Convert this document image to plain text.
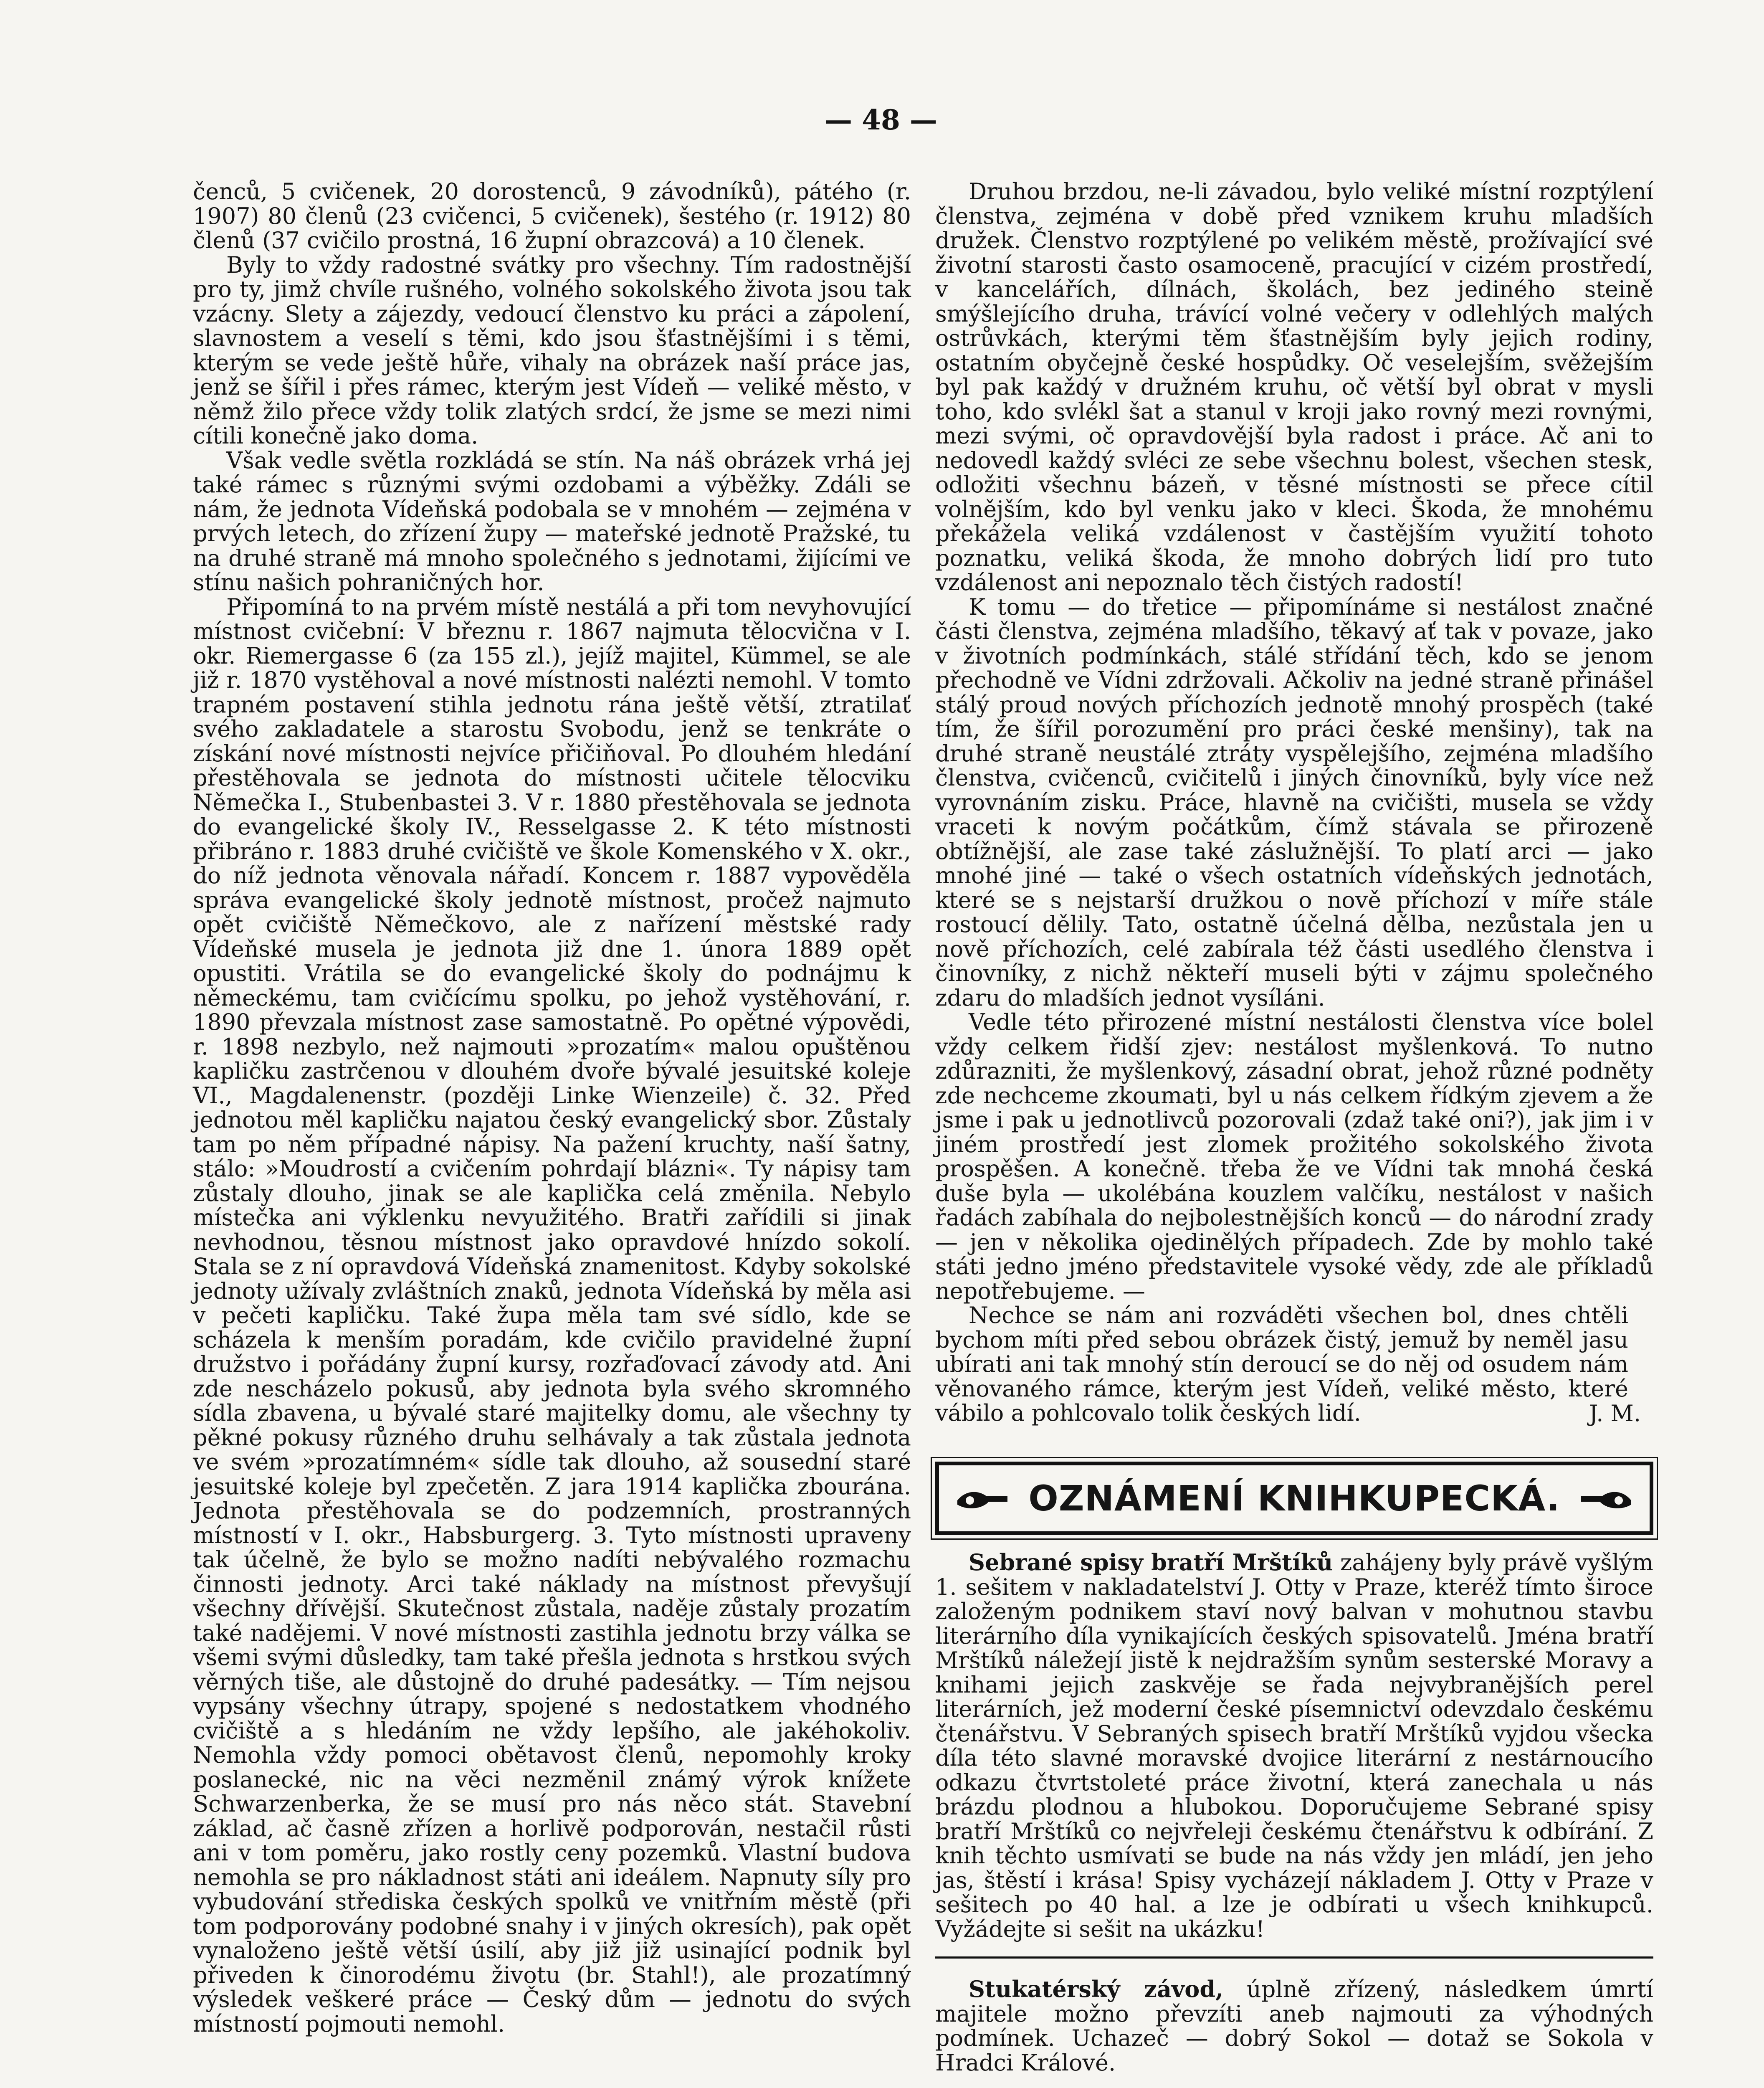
— 48 —

čenců, 5 cvičenek, 20 dorostenců, 9 závodníků), pátého (r. 1907) 80 členů (23 cvičenci, 5 cvičenek), šestého (r. 1912) 80 členů (37 cvičilo prostná, 16 župní obrazcová) a 10 členek.

Byly to vždy radostné svátky pro všechny. Tím radostnější pro ty, jimž chvíle rušného, volného sokolského života jsou tak vzácny. Slety a zájezdy, vedoucí členstvo ku práci a zápolení, slavnostem a veselí s těmi, kdo jsou šťastnějšími i s těmi, kterým se vede ještě hůře, vihaly na obrázek naší práce jas, jenž se šířil i přes rámec, kterým jest Vídeň — veliké město, v němž žilo přece vždy tolik zlatých srdcí, že jsme se mezi nimi cítili konečně jako doma.

Však vedle světla rozkládá se stín. Na náš obrázek vrhá jej také rámec s různými svými ozdobami a výběžky. Zdáli se nám, že jednota Vídeňská podobala se v mnohém — zejména v prvých letech, do zřízení župy — mateřské jednotě Pražské, tu na druhé straně má mnoho společného s jednotami, žijícími ve stínu našich pohraničných hor.

Připomíná to na prvém místě nestálá a při tom nevyhovující místnost cvičební: V březnu r. 1867 najmuta tělocvična v I. okr. Riemergasse 6 (za 155 zl.), jejíž majitel, Kümmel, se ale již r. 1870 vystěhoval a nové místnosti nalézti nemohl. V tomto trapném postavení stihla jednotu rána ještě větší, ztratilať svého zakladatele a starostu Svobodu, jenž se tenkráte o získání nové místnosti nejvíce přičiňoval. Po dlouhém hledání přestěhovala se jednota do místnosti učitele tělocviku Němečka I., Stubenbastei 3. V r. 1880 přestěhovala se jednota do evangelické školy IV., Resselgasse 2. K této místnosti přibráno r. 1883 druhé cvičiště ve škole Komenského v X. okr., do níž jednota věnovala nářadí. Koncem r. 1887 vypověděla správa evangelické školy jednotě místnost, pročež najmuto opět cvičiště Němečkovo, ale z nařízení městské rady Vídeňské musela je jednota již dne 1. února 1889 opět opustiti. Vrátila se do evangelické školy do podnájmu k německému, tam cvičícímu spolku, po jehož vystěhování, r. 1890 převzala místnost zase samostatně. Po opětné výpovědi, r. 1898 nezbylo, než najmouti »prozatím« malou opuštěnou kapličku zastrčenou v dlouhém dvoře bývalé jesuitské koleje VI., Magdalenenstr. (později Linke Wienzeile) č. 32. Před jednotou měl kapličku najatou český evangelický sbor. Zůstaly tam po něm případné nápisy. Na pažení kruchty, naší šatny, stálo: »Moudrostí a cvičením pohrdají blázni«. Ty nápisy tam zůstaly dlouho, jinak se ale kaplička celá změnila. Nebylo místečka ani výklenku nevyužitého. Bratři zařídili si jinak nevhodnou, těsnou místnost jako opravdové hnízdo sokolí. Stala se z ní opravdová Vídeňská znamenitost. Kdyby sokolské jednoty užívaly zvláštních znaků, jednota Vídeňská by měla asi v pečeti kapličku. Také župa měla tam své sídlo, kde se scházela k menším poradám, kde cvičilo pravidelné župní družstvo i pořádány župní kursy, rozřaďovací závody atd. Ani zde nescházelo pokusů, aby jednota byla svého skromného sídla zbavena, u bývalé staré majitelky domu, ale všechny ty pěkné pokusy různého druhu selhávaly a tak zůstala jednota ve svém »prozatímném« sídle tak dlouho, až sousední staré jesuitské koleje byl zpečetěn. Z jara 1914 kaplička zbourána. Jednota přestěhovala se do podzemních, prostranných místností v I. okr., Habsburgerg. 3. Tyto místnosti upraveny tak účelně, že bylo se možno nadíti nebývalého rozmachu činnosti jednoty. Arci také náklady na místnost převyšují všechny dřívější. Skutečnost zůstala, naděje zůstaly prozatím také nadějemi. V nové místnosti zastihla jednotu brzy válka se všemi svými důsledky, tam také přešla jednota s hrstkou svých věrných tiše, ale důstojně do druhé padesátky. — Tím nejsou vypsány všechny útrapy, spojené s nedostatkem vhodného cvičiště a s hledáním ne vždy lepšího, ale jakéhokoliv. Nemohla vždy pomoci obětavost členů, nepomohly kroky poslanecké, nic na věci nezměnil známý výrok knížete Schwarzenberka, že se musí pro nás něco stát. Stavební základ, ač časně zřízen a horlivě podporován, nestačil růsti ani v tom poměru, jako rostly ceny pozemků. Vlastní budova nemohla se pro nákladnost státi ani ideálem. Napnuty síly pro vybudování střediska českých spolků ve vnitřním městě (při tom podporovány podobné snahy i v jiných okresích), pak opět vynaloženo ještě větší úsilí, aby již již usinající podnik byl přiveden k činorodému životu (br. Stahl!), ale prozatímný výsledek veškeré práce — Český dům — jednotu do svých místností pojmouti nemohl.

Druhou brzdou, ne-li závadou, bylo veliké místní rozptýlení členstva, zejména v době před vznikem kruhu mladších družek. Členstvo rozptýlené po velikém městě, prožívající své životní starosti často osamoceně, pracující v cizém prostředí, v kancelářích, dílnách, školách, bez jediného steině smýšlejícího druha, trávící volné večery v odlehlých malých ostrůvkách, kterými těm šťastnějším byly jejich rodiny, ostatním obyčejně české hospůdky. Oč veselejším, svěžejším byl pak každý v družném kruhu, oč větší byl obrat v mysli toho, kdo svlékl šat a stanul v kroji jako rovný mezi rovnými, mezi svými, oč opravdovější byla radost i práce. Ač ani to nedovedl každý svléci ze sebe všechnu bolest, všechen stesk, odložiti všechnu bázeň, v těsné místnosti se přece cítil volnějším, kdo byl venku jako v kleci. Škoda, že mnohému překážela veliká vzdálenost v častějším využití tohoto poznatku, veliká škoda, že mnoho dobrých lidí pro tuto vzdálenost ani nepoznalo těch čistých radostí!

K tomu — do třetice — připomínáme si nestálost značné části členstva, zejména mladšího, těkavý ať tak v povaze, jako v životních podmínkách, stálé střídání těch, kdo se jenom přechodně ve Vídni zdržovali. Ačkoliv na jedné straně přinášel stálý proud nových příchozích jednotě mnohý prospěch (také tím, že šířil porozumění pro práci české menšiny), tak na druhé straně neustálé ztráty vyspělejšího, zejména mladšího členstva, cvičenců, cvičitelů i jiných činovníků, byly více než vyrovnáním zisku. Práce, hlavně na cvičišti, musela se vždy vraceti k novým počátkům, čímž stávala se přirozeně obtížnější, ale zase také záslužnější. To platí arci — jako mnohé jiné — také o všech ostatních vídeňských jednotách, které se s nejstarší družkou o nově příchozí v míře stále rostoucí dělily. Tato, ostatně účelná dělba, nezůstala jen u nově příchozích, celé zabírala též části usedlého členstva i činovníky, z nichž někteří museli býti v zájmu společného zdaru do mladších jednot vysíláni.

Vedle této přirozené místní nestálosti členstva více bolel vždy celkem řidší zjev: nestálost myšlenková. To nutno zdůrazniti, že myšlenkový, zásadní obrat, jehož různé podněty zde nechceme zkoumati, byl u nás celkem řídkým zjevem a že jsme i pak u jednotlivců pozorovali (zdaž také oni?), jak jim i v jiném prostředí jest zlomek prožitého sokolského života prospěšen. A konečně. třeba že ve Vídni tak mnohá česká duše byla — ukolébána kouzlem valčíku, nestálost v našich řadách zabíhala do nejbolestnějších konců — do národní zrady — jen v několika ojedinělých případech. Zde by mohlo také státi jedno jméno představitele vysoké vědy, zde ale příkladů nepotřebujeme. —

Nechce se nám ani rozváděti všechen bol, dnes chtěli bychom míti před sebou obrázek čistý, jemuž by neměl jasu ubírati ani tak mnohý stín deroucí se do něj od osudem nám věnovaného rámce, kterým jest Vídeň, veliké město, které vábilo a pohlcovalo tolik českých lidí.	J. M.
OZNÁMENÍ KNIHKUPECKÁ.

Sebrané spisy bratří Mrštíků zahájeny byly právě vyšlým 1. sešitem v nakladatelství J. Otty v Praze, kteréž tímto široce založeným podnikem staví nový balvan v mohutnou stavbu literárního díla vynikajících českých spisovatelů. Jména bratří Mrštíků náležejí jistě k nejdražším synům sesterské Moravy a knihami jejich zaskvěje se řada nejvybranějších perel literárních, jež moderní české písemnictví odevzdalo českému čtenářstvu. V Sebraných spisech bratří Mrštíků vyjdou všecka díla této slavné moravské dvojice literární z nestárnoucího odkazu čtvrtstoleté práce životní, která zanechala u nás brázdu plodnou a hlubokou. Doporučujeme Sebrané spisy bratří Mrštíků co nejvřeleji českému čtenářstvu k odbírání. Z knih těchto usmívati se bude na nás vždy jen mládí, jen jeho jas, štěstí i krása! Spisy vycházejí nákladem J. Otty v Praze v sešitech po 40 hal. a lze je odbírati u všech knihkupců. Vyžádejte si sešit na ukázku!

Stukatérský závod, úplně zřízený, následkem úmrtí majitele možno převzíti aneb najmouti za výhodných podmínek. Uchazeč — dobrý Sokol — dotaž se Sokola v Hradci Králové.
